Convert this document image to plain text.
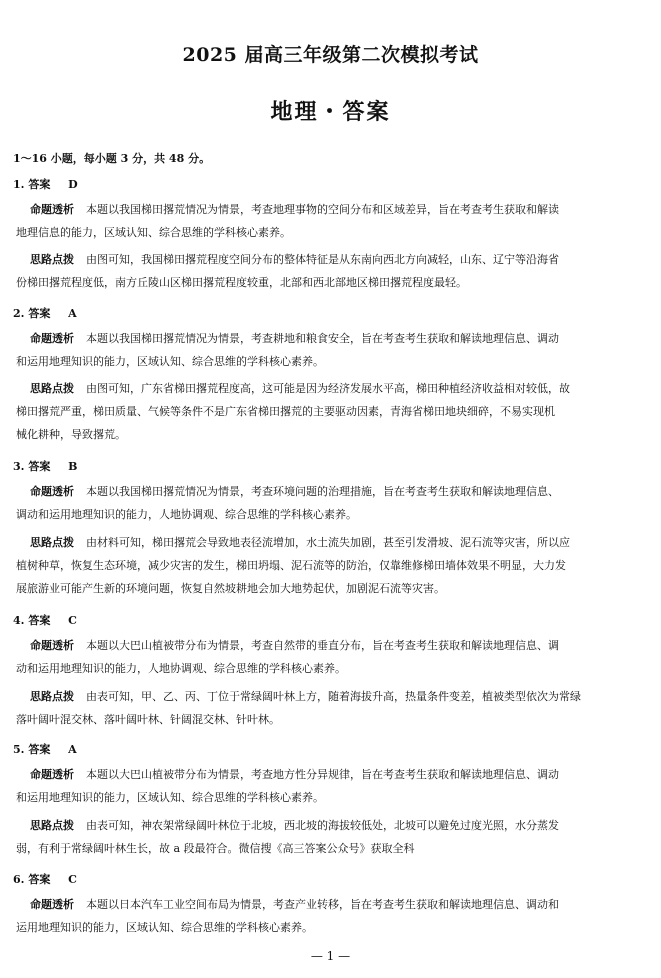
2025 届高三年级第二次模拟考试
地理・答案
1～16 小题，每小题 3 分，共 48 分。
1. 答案 D
命题透析 本题以我国梯田撂荒情况为情景，考查地理事物的空间分布和区域差异，旨在考查考生获取和解读
地理信息的能力，区域认知、综合思维的学科核心素养。
思路点拨 由图可知，我国梯田撂荒程度空间分布的整体特征是从东南向西北方向减轻，山东、辽宁等沿海省
份梯田撂荒程度低，南方丘陵山区梯田撂荒程度较重，北部和西北部地区梯田撂荒程度最轻。
2. 答案 A
命题透析 本题以我国梯田撂荒情况为情景，考查耕地和粮食安全，旨在考查考生获取和解读地理信息、调动
和运用地理知识的能力，区域认知、综合思维的学科核心素养。
思路点拨 由图可知，广东省梯田撂荒程度高，这可能是因为经济发展水平高，梯田种植经济收益相对较低，故
梯田撂荒严重，梯田质量、气候等条件不是广东省梯田撂荒的主要驱动因素，青海省梯田地块细碎，不易实现机
械化耕种，导致撂荒。
3. 答案 B
命题透析 本题以我国梯田撂荒情况为情景，考查环境问题的治理措施，旨在考查考生获取和解读地理信息、
调动和运用地理知识的能力，人地协调观、综合思维的学科核心素养。
思路点拨 由材料可知，梯田撂荒会导致地表径流增加，水土流失加剧，甚至引发滑坡、泥石流等灾害，所以应
植树种草，恢复生态环境，减少灾害的发生，梯田坍塌、泥石流等的防治，仅靠维修梯田墙体效果不明显，大力发
展旅游业可能产生新的环境问题，恢复自然坡耕地会加大地势起伏，加剧泥石流等灾害。
4. 答案 C
命题透析 本题以大巴山植被带分布为情景，考查自然带的垂直分布，旨在考查考生获取和解读地理信息、调
动和运用地理知识的能力，人地协调观、综合思维的学科核心素养。
思路点拨 由表可知，甲、乙、丙、丁位于常绿阔叶林上方，随着海拔升高，热量条件变差，植被类型依次为常绿
落叶阔叶混交林、落叶阔叶林、针阔混交林、针叶林。
5. 答案 A
命题透析 本题以大巴山植被带分布为情景，考查地方性分异规律，旨在考查考生获取和解读地理信息、调动
和运用地理知识的能力，区域认知、综合思维的学科核心素养。
思路点拨 由表可知，神农架常绿阔叶林位于北坡，西北坡的海拔较低处，北坡可以避免过度光照，水分蒸发
弱，有利于常绿阔叶林生长，故 a 段最符合。微信搜《高三答案公众号》获取全科
6. 答案 C
命题透析 本题以日本汽车工业空间布局为情景，考查产业转移，旨在考查考生获取和解读地理信息、调动和
运用地理知识的能力，区域认知、综合思维的学科核心素养。
— 1 —
